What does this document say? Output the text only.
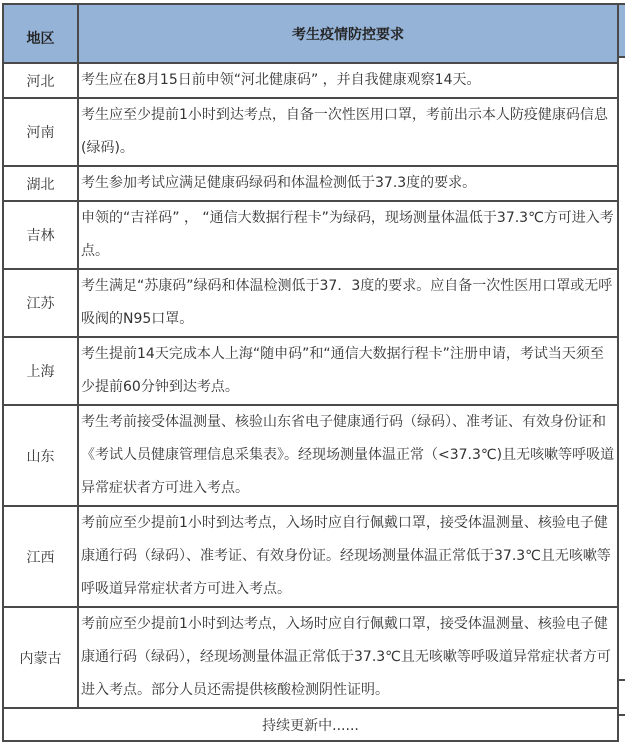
地区	考生疫情防控要求
河北	考生应在8月15日前申领“河北健康码” ，并自我健康观察14天。
河南	考生应至少提前1小时到达考点，自备一次性医用口罩，考前出示本人防疫健康码信息(绿码)。
湖北	考生参加考试应满足健康码绿码和体温检测低于37.3度的要求。
吉林	申领的“吉祥码” ， “通信大数据行程卡”为绿码，现场测量体温低于37.3℃方可进入考点。
江苏	考生满足“苏康码”绿码和体温检测低于37．3度的要求。应自备一次性医用口罩或无呼吸阀的N95口罩。
上海	考生提前14天完成本人上海“随申码”和“通信大数据行程卡”注册申请，考试当天须至少提前60分钟到达考点。
山东	考生考前接受体温测量、核验山东省电子健康通行码（绿码）、准考证、有效身份证和《考试人员健康管理信息采集表》。经现场测量体温正常（<37.3℃)且无咳嗽等呼吸道异常症状者方可进入考点。
江西	考前应至少提前1小时到达考点，入场时应自行佩戴口罩，接受体温测量、核验电子健康通行码（绿码）、准考证、有效身份证。经现场测量体温正常低于37.3℃且无咳嗽等呼吸道异常症状者方可进入考点。
内蒙古	考前应至少提前1小时到达考点，入场时应自行佩戴口罩，接受体温测量、核验电子健康通行码（绿码），经现场测量体温正常低于37.3℃且无咳嗽等呼吸道异常症状者方可进入考点。部分人员还需提供核酸检测阴性证明。
持续更新中......	
